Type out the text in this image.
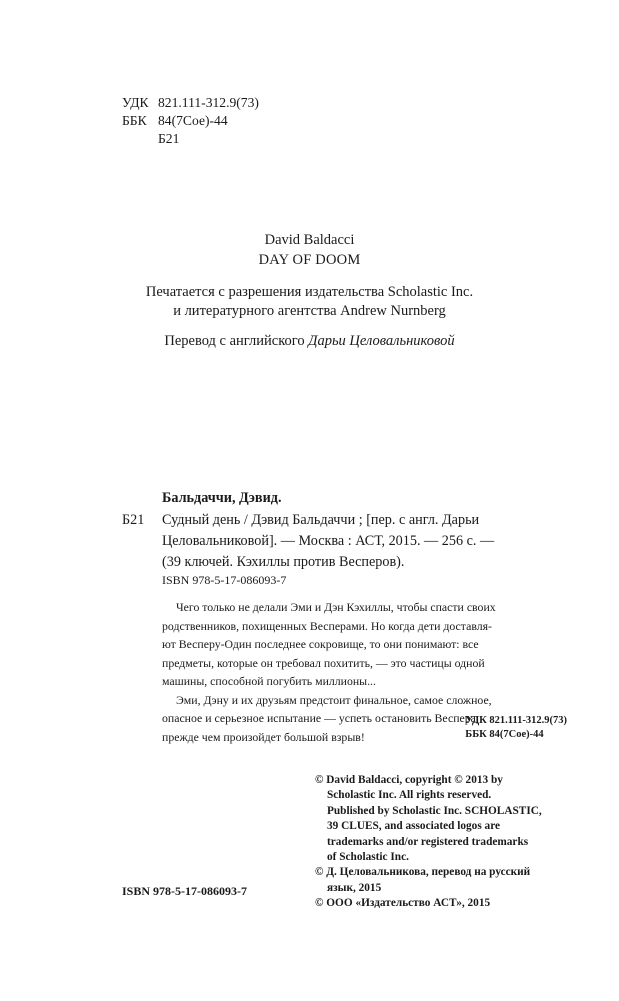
УДК 821.111-312.9(73)
ББК 84(7Сое)-44
Б21
David Baldacci
DAY OF DOOM
Печатается с разрешения издательства Scholastic Inc.
и литературного агентства Andrew Nurnberg
Перевод с английского Дарьи Целовальниковой
Бальдаччи, Дэвид.
Б21 Судный день / Дэвид Бальдаччи ; [пер. с англ. Дарьи
Целовальниковой]. — Москва : АСТ, 2015. — 256 с. —
(39 ключей. Кэхиллы против Весперов).
ISBN 978-5-17-086093-7
Чего только не делали Эми и Дэн Кэхиллы, чтобы спасти своих
родственников, похищенных Весперами. Но когда дети доставля-
ют Весперу-Один последнее сокровище, то они понимают: все
предметы, которые он требовал похитить, — это частицы одной
машины, способной погубить миллионы...
Эми, Дэну и их друзьям предстоит финальное, самое сложное,
опасное и серьезное испытание — успеть остановить Веспера,
прежде чем произойдет большой взрыв!
УДК 821.111-312.9(73)
ББК 84(7Сое)-44
© David Baldacci, copyright © 2013 by
Scholastic Inc. All rights reserved.
Published by Scholastic Inc. SCHOLASTIC,
39 CLUES, and associated logos are
trademarks and/or registered trademarks
of Scholastic Inc.
© Д. Целовальникова, перевод на русский
язык, 2015
© ООО «Издательство АСТ», 2015
ISBN 978-5-17-086093-7
